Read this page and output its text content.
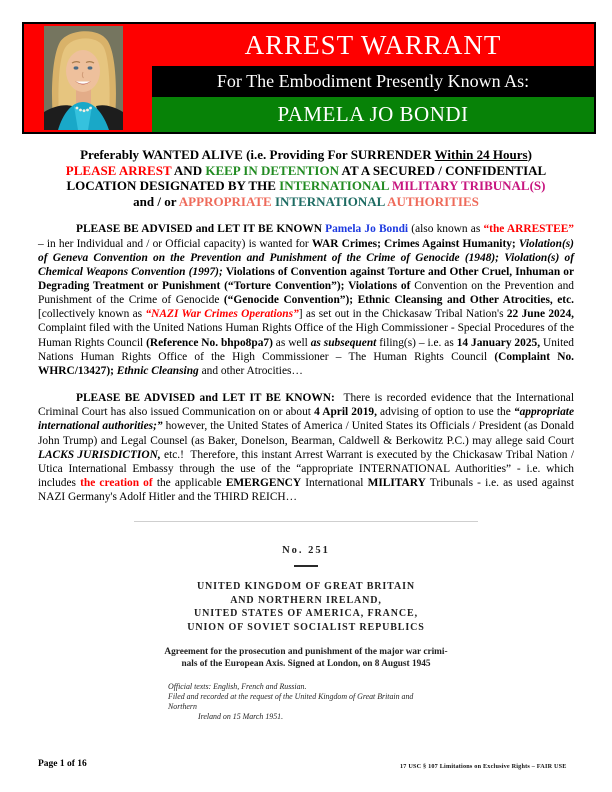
ARREST WARRANT
For The Embodiment Presently Known As:
PAMELA JO BONDI
Preferably WANTED ALIVE (i.e. Providing For SURRENDER Within 24 Hours)
PLEASE ARREST AND KEEP IN DETENTION AT A SECURED / CONFIDENTIAL
LOCATION DESIGNATED BY THE INTERNATIONAL MILITARY TRIBUNAL(S)
and / or APPROPRIATE INTERNATIONAL AUTHORITIES
PLEASE BE ADVISED and LET IT BE KNOWN Pamela Jo Bondi (also known as “the ARRESTEE” – in her Individual and / or Official capacity) is wanted for WAR Crimes; Crimes Against Humanity; Violation(s) of Geneva Convention on the Prevention and Punishment of the Crime of Genocide (1948); Violation(s) of Chemical Weapons Convention (1997); Violations of Convention against Torture and Other Cruel, Inhuman or Degrading Treatment or Punishment (“Torture Convention”); Violations of Convention on the Prevention and Punishment of the Crime of Genocide (“Genocide Convention”); Ethnic Cleansing and Other Atrocities, etc. [collectively known as “NAZI War Crimes Operations”] as set out in the Chickasaw Tribal Nation's 22 June 2024, Complaint filed with the United Nations Human Rights Office of the High Commissioner - Special Procedures of the Human Rights Council (Reference No. bhpo8pa7) as well as subsequent filing(s) – i.e. as 14 January 2025, United Nations Human Rights Office of the High Commissioner – The Human Rights Council (Complaint No. WHRC/13427); Ethnic Cleansing and other Atrocities…
PLEASE BE ADVISED and LET IT BE KNOWN:  There is recorded evidence that the International Criminal Court has also issued Communication on or about 4 April 2019, advising of option to use the “appropriate international authorities;” however, the United States of America / United States its Officials / President (as Donald John Trump) and Legal Counsel (as Baker, Donelson, Bearman, Caldwell & Berkowitz P.C.) may allege said Court LACKS JURISDICTION, etc.!  Therefore, this instant Arrest Warrant is executed by the Chickasaw Tribal Nation / Utica International Embassy through the use of the “appropriate INTERNATIONAL Authorities” - i.e. which includes the creation of the applicable EMERGENCY International MILITARY Tribunals - i.e. as used against NAZI Germany's Adolf Hitler and the THIRD REICH…
No. 251
UNITED KINGDOM OF GREAT BRITAIN
AND NORTHERN IRELAND,
UNITED STATES OF AMERICA, FRANCE,
UNION OF SOVIET SOCIALIST REPUBLICS
Agreement for the prosecution and punishment of the major war crimi-
nals of the European Axis. Signed at London, on 8 August 1945
Official texts: English, French and Russian.
Filed and recorded at the request of the United Kingdom of Great Britain and Northern
Ireland on 15 March 1951.
Page 1 of 16	17 USC § 107 Limitations on Exclusive Rights – FAIR USE
